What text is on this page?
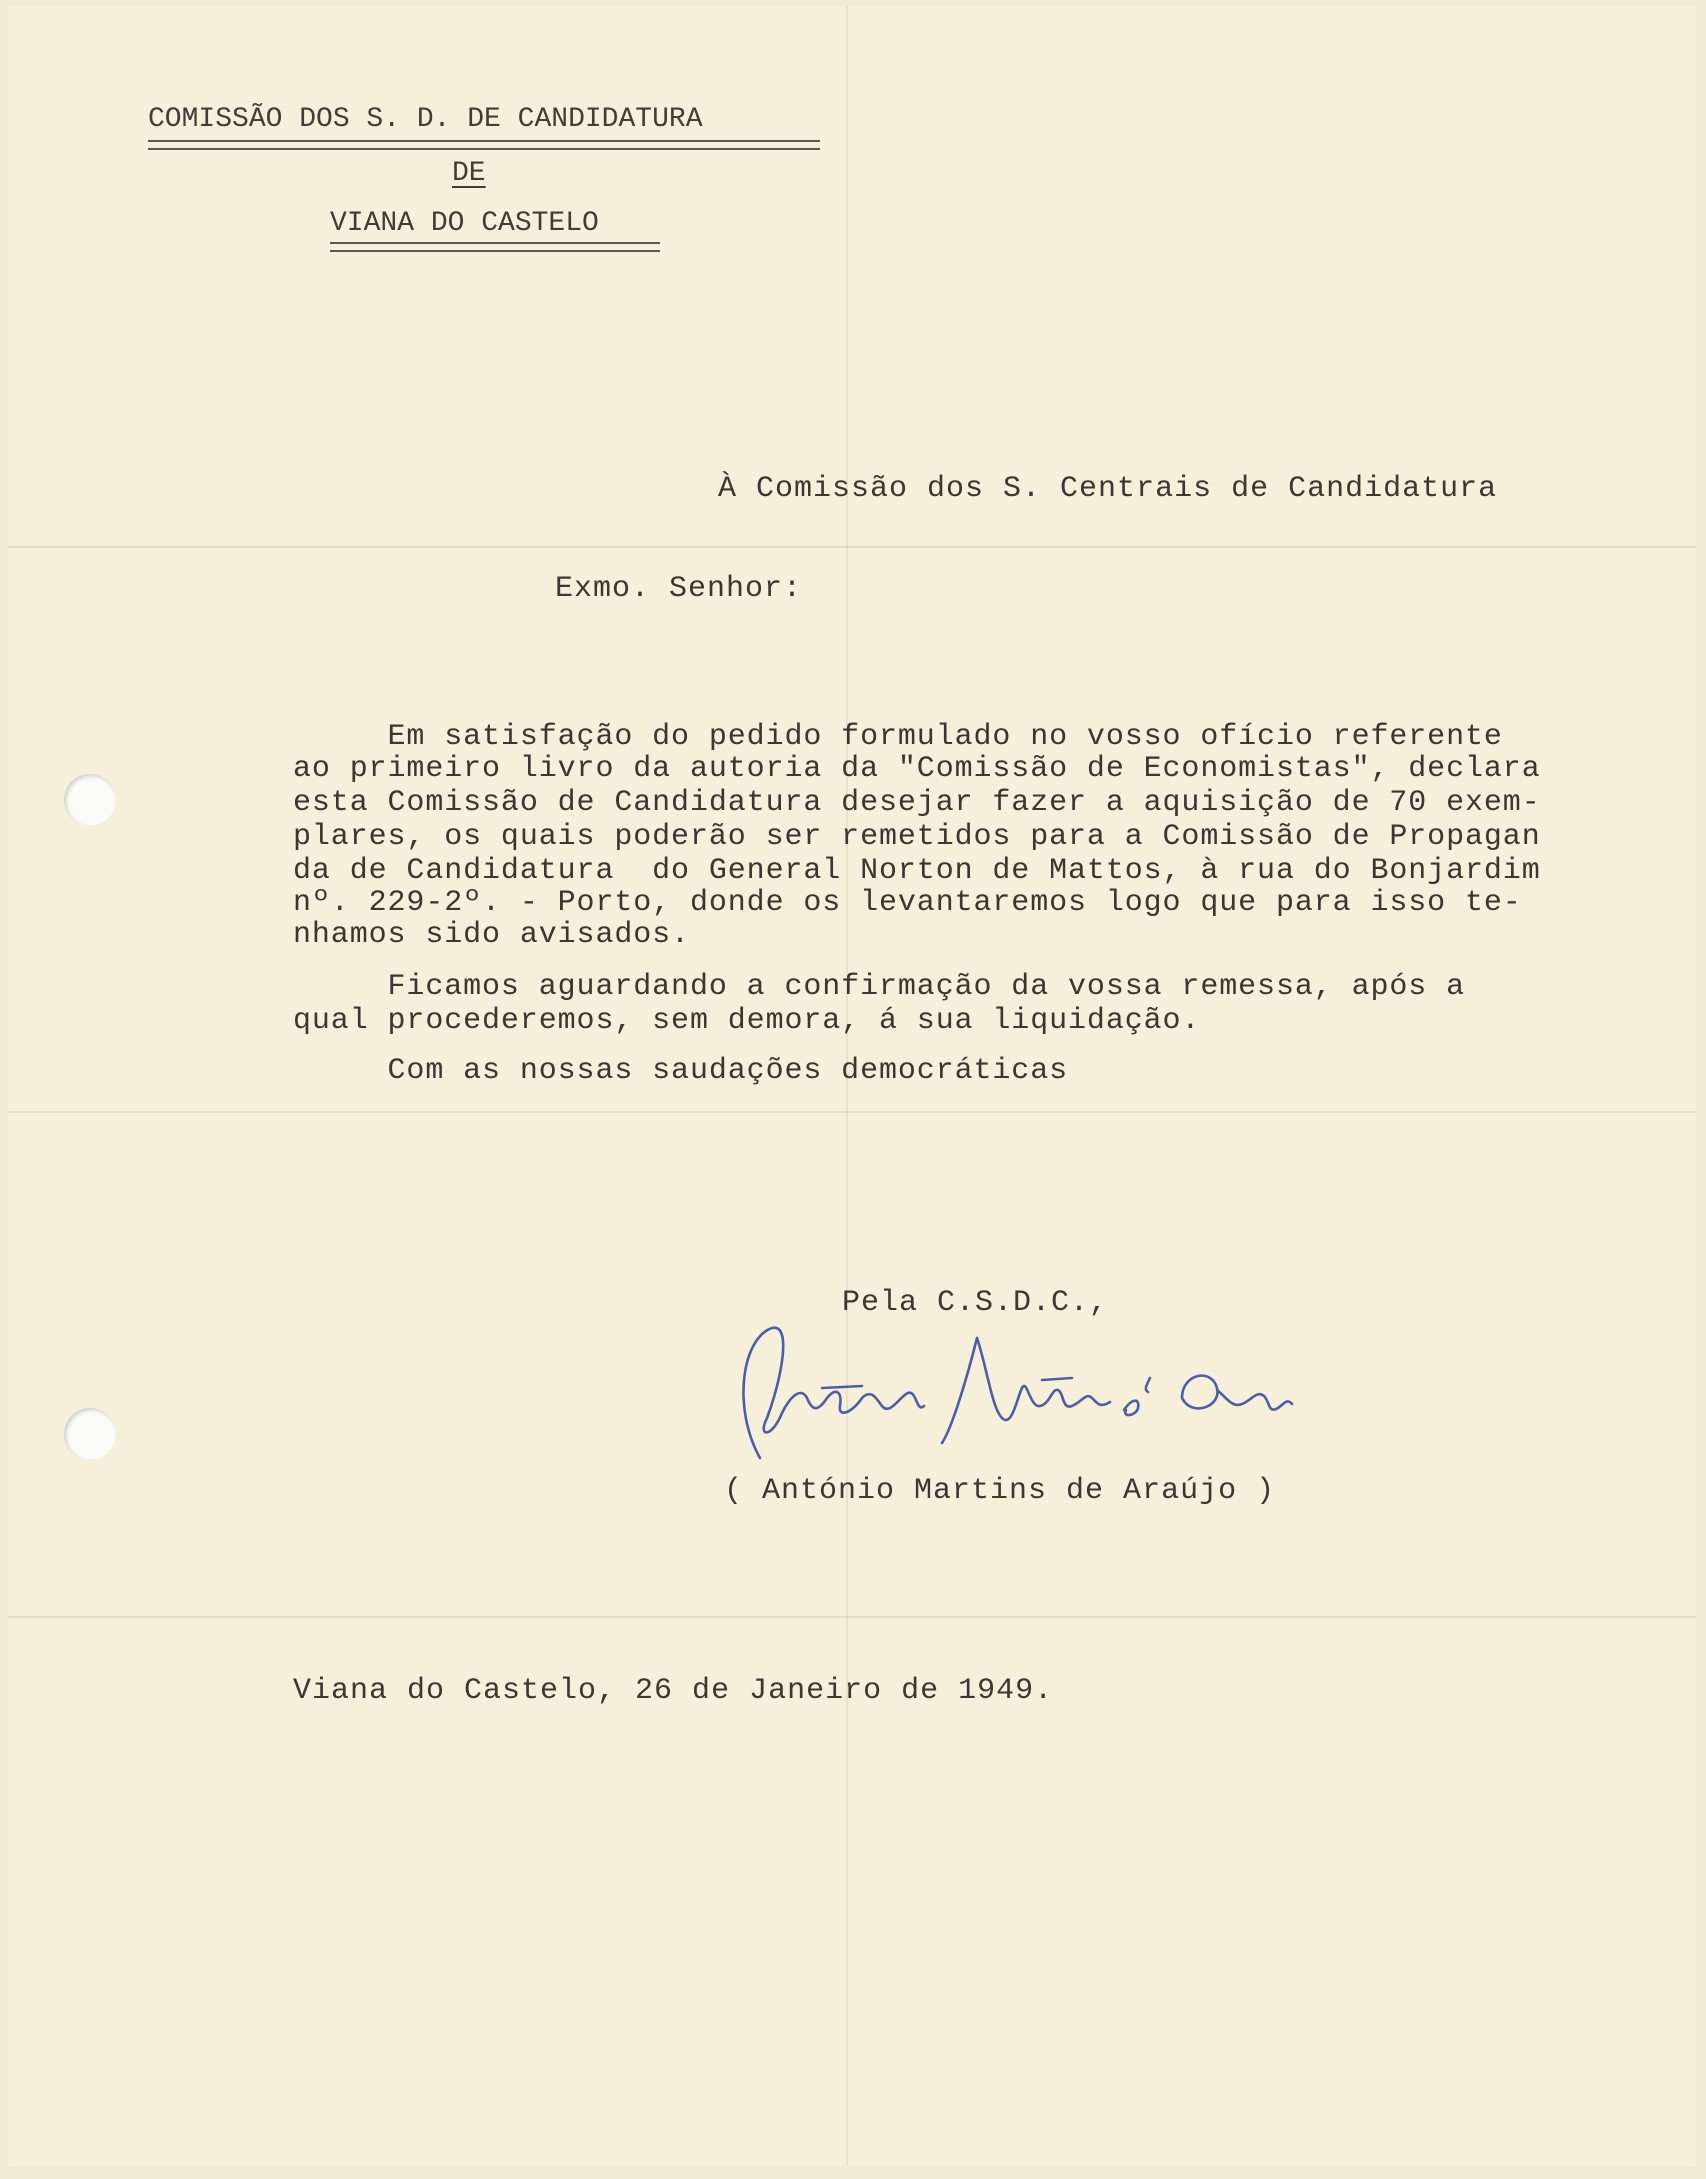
COMISSÃO DOS S. D. DE CANDIDATURA
DE
VIANA DO CASTELO
À Comissão dos S. Centrais de Candidatura
Exmo. Senhor:
Em satisfação do pedido formulado no vosso ofício referente
ao primeiro livro da autoria da "Comissão de Economistas", declara
esta Comissão de Candidatura desejar fazer a aquisição de 70 exem-
plares, os quais poderão ser remetidos para a Comissão de Propagan
da de Candidatura  do General Norton de Mattos, à rua do Bonjardim
nº. 229-2º. - Porto, donde os levantaremos logo que para isso te-
nhamos sido avisados.
Ficamos aguardando a confirmação da vossa remessa, após a
qual procederemos, sem demora, á sua liquidação.
Com as nossas saudações democráticas
Pela C.S.D.C.,
( António Martins de Araújo )
Viana do Castelo, 26 de Janeiro de 1949.
